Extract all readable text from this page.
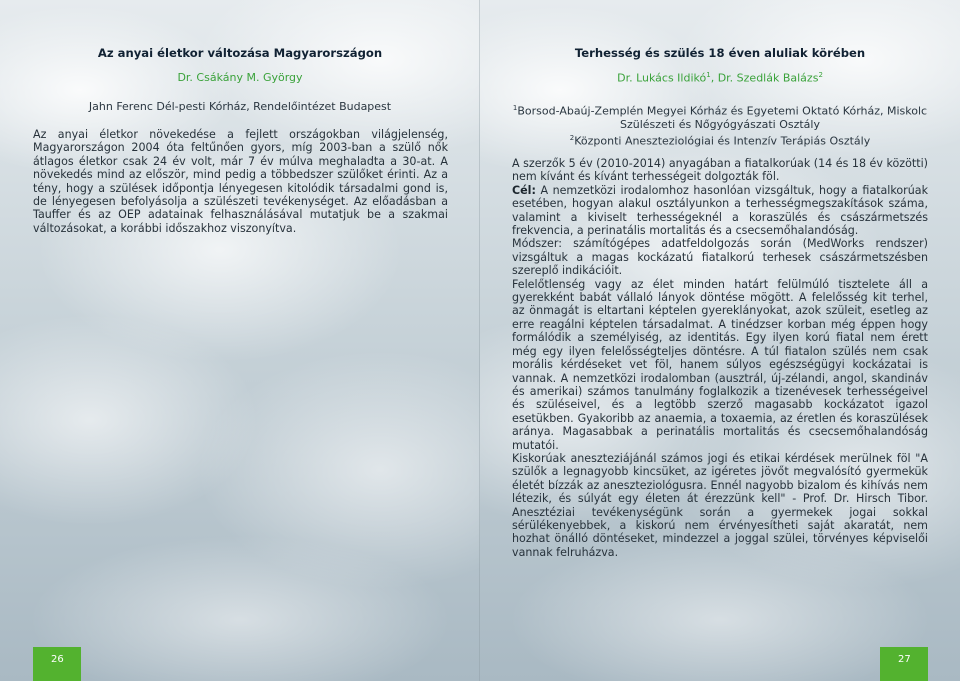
Az anyai életkor változása Magyarországon
Dr. Csákány M. György
Jahn Ferenc Dél-pesti Kórház, Rendelőintézet Budapest

Az anyai életkor növekedése a fejlett országokban világjelenség, Magyarországon 2004 óta feltűnően gyors, míg 2003-ban a szülő nők átlagos életkor csak 24 év volt, már 7 év múlva meghaladta a 30-at. A növekedés mind az először, mind pedig a többedszer szülőket érinti. Az a tény, hogy a szülések időpontja lényegesen kitolódik társadalmi gond is, de lényegesen befolyásolja a szülészeti tevékenységet. Az előadásban a Tauffer és az OEP adatainak felhasználásával mutatjuk be a szakmai változásokat, a korábbi időszakhoz viszonyítva.

26
Terhesség és szülés 18 éven aluliak körében
Dr. Lukács Ildikó$^1$, Dr. Szedlák Balázs$^2$
$^1$Borsod-Abaúj-Zemplén Megyei Kórház és Egyetemi Oktató Kórház, Miskolc
Szülészeti és Nőgyógyászati Osztály
$^2$Központi Aneszteziológiai és Intenzív Terápiás Osztály

A szerzők 5 év (2010-2014) anyagában a fiatalkorúak (14 és 18 év közötti) nem kívánt és kívánt terhességeit dolgozták föl.

Cél: A nemzetközi irodalomhoz hasonlóan vizsgáltuk, hogy a fiatalkorúak esetében, hogyan alakul osztályunkon a terhességmegszakítások száma, valamint a kiviselt terhességeknél a koraszülés és császármetszés frekvencia, a perinatális mortalitás és a csecsemőhalandóság.

Módszer: számítógépes adatfeldolgozás során (MedWorks rendszer) vizsgáltuk a magas kockázatú fiatalkorú terhesek császármetszésben szereplő indikációit.

Felelőtlenség vagy az élet minden határt felülmúló tisztelete áll a gyerekként babát vállaló lányok döntése mögött. A felelősség kit terhel, az önmagát is eltartani képtelen gyereklányokat, azok szüleit, esetleg az erre reagálni képtelen társadalmat. A tinédzser korban még éppen hogy formálódik a személyiség, az identitás. Egy ilyen korú fiatal nem érett még egy ilyen felelősségteljes döntésre. A túl fiatalon szülés nem csak morális kérdéseket vet föl, hanem súlyos egészségügyi kockázatai is vannak. A nemzetközi irodalomban (ausztrál, új-zélandi, angol, skandináv és amerikai) számos tanulmány foglalkozik a tizenévesek terhességeivel és szüléseivel, és a legtöbb szerző magasabb kockázatot igazol esetükben. Gyakoribb az anaemia, a toxaemia, az éretlen és koraszülések aránya. Magasabbak a perinatális mortalitás és csecsemőhalandóság mutatói.

Kiskorúak aneszteziájánál számos jogi és etikai kérdések merülnek föl "A szülők a legnagyobb kincsüket, az igéretes jövőt megvalósító gyermekük életét bízzák az aneszteziológusra. Ennél nagyobb bizalom és kihívás nem létezik, és súlyát egy életen át érezzünk kell" - Prof. Dr. Hirsch Tibor. Anesztéziai tevékenységünk során a gyermekek jogai sokkal sérülékenyebbek, a kiskorú nem érvényesítheti saját akaratát, nem hozhat önálló döntéseket, mindezzel a joggal szülei, törvényes képviselői vannak felruházva.

27
